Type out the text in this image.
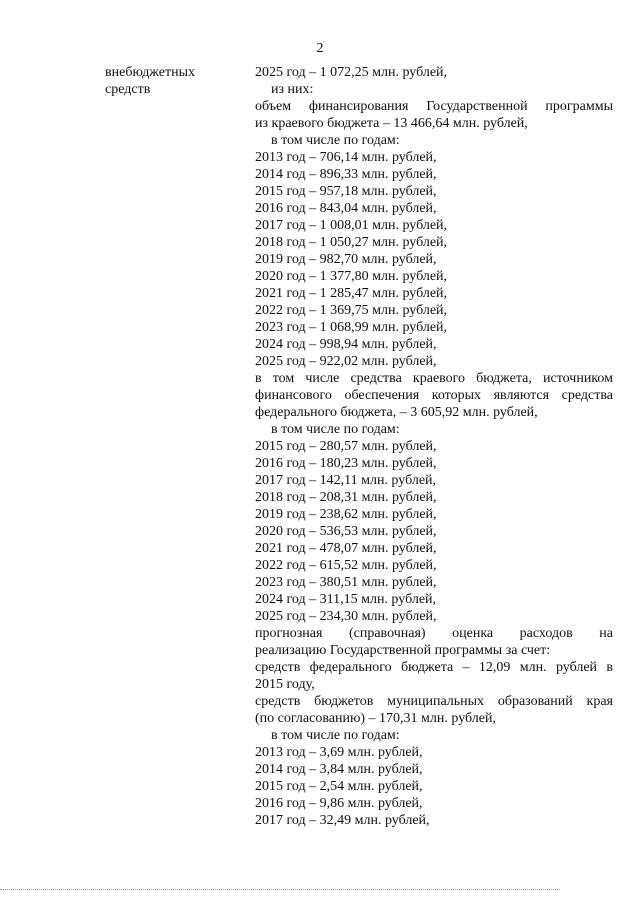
2
внебюджетных
средств
2025 год – 1 072,25 млн. рублей,
из них:
объем финансирования Государственной программы
из краевого бюджета – 13 466,64 млн. рублей,
в том числе по годам:
2013 год – 706,14 млн. рублей,
2014 год – 896,33 млн. рублей,
2015 год – 957,18 млн. рублей,
2016 год – 843,04 млн. рублей,
2017 год – 1 008,01 млн. рублей,
2018 год – 1 050,27 млн. рублей,
2019 год – 982,70 млн. рублей,
2020 год – 1 377,80 млн. рублей,
2021 год – 1 285,47 млн. рублей,
2022 год – 1 369,75 млн. рублей,
2023 год – 1 068,99 млн. рублей,
2024 год – 998,94 млн. рублей,
2025 год – 922,02 млн. рублей,
в том числе средства краевого бюджета, источником
финансового обеспечения которых являются средства
федерального бюджета, – 3 605,92 млн. рублей,
в том числе по годам:
2015 год – 280,57 млн. рублей,
2016 год – 180,23 млн. рублей,
2017 год – 142,11 млн. рублей,
2018 год – 208,31 млн. рублей,
2019 год – 238,62 млн. рублей,
2020 год – 536,53 млн. рублей,
2021 год – 478,07 млн. рублей,
2022 год – 615,52 млн. рублей,
2023 год – 380,51 млн. рублей,
2024 год – 311,15 млн. рублей,
2025 год – 234,30 млн. рублей,
прогнозная (справочная) оценка расходов на
реализацию Государственной программы за счет:
средств федерального бюджета – 12,09 млн. рублей в
2015 году,
средств бюджетов муниципальных образований края
(по согласованию) – 170,31 млн. рублей,
в том числе по годам:
2013 год – 3,69 млн. рублей,
2014 год – 3,84 млн. рублей,
2015 год – 2,54 млн. рублей,
2016 год – 9,86 млн. рублей,
2017 год – 32,49 млн. рублей,
